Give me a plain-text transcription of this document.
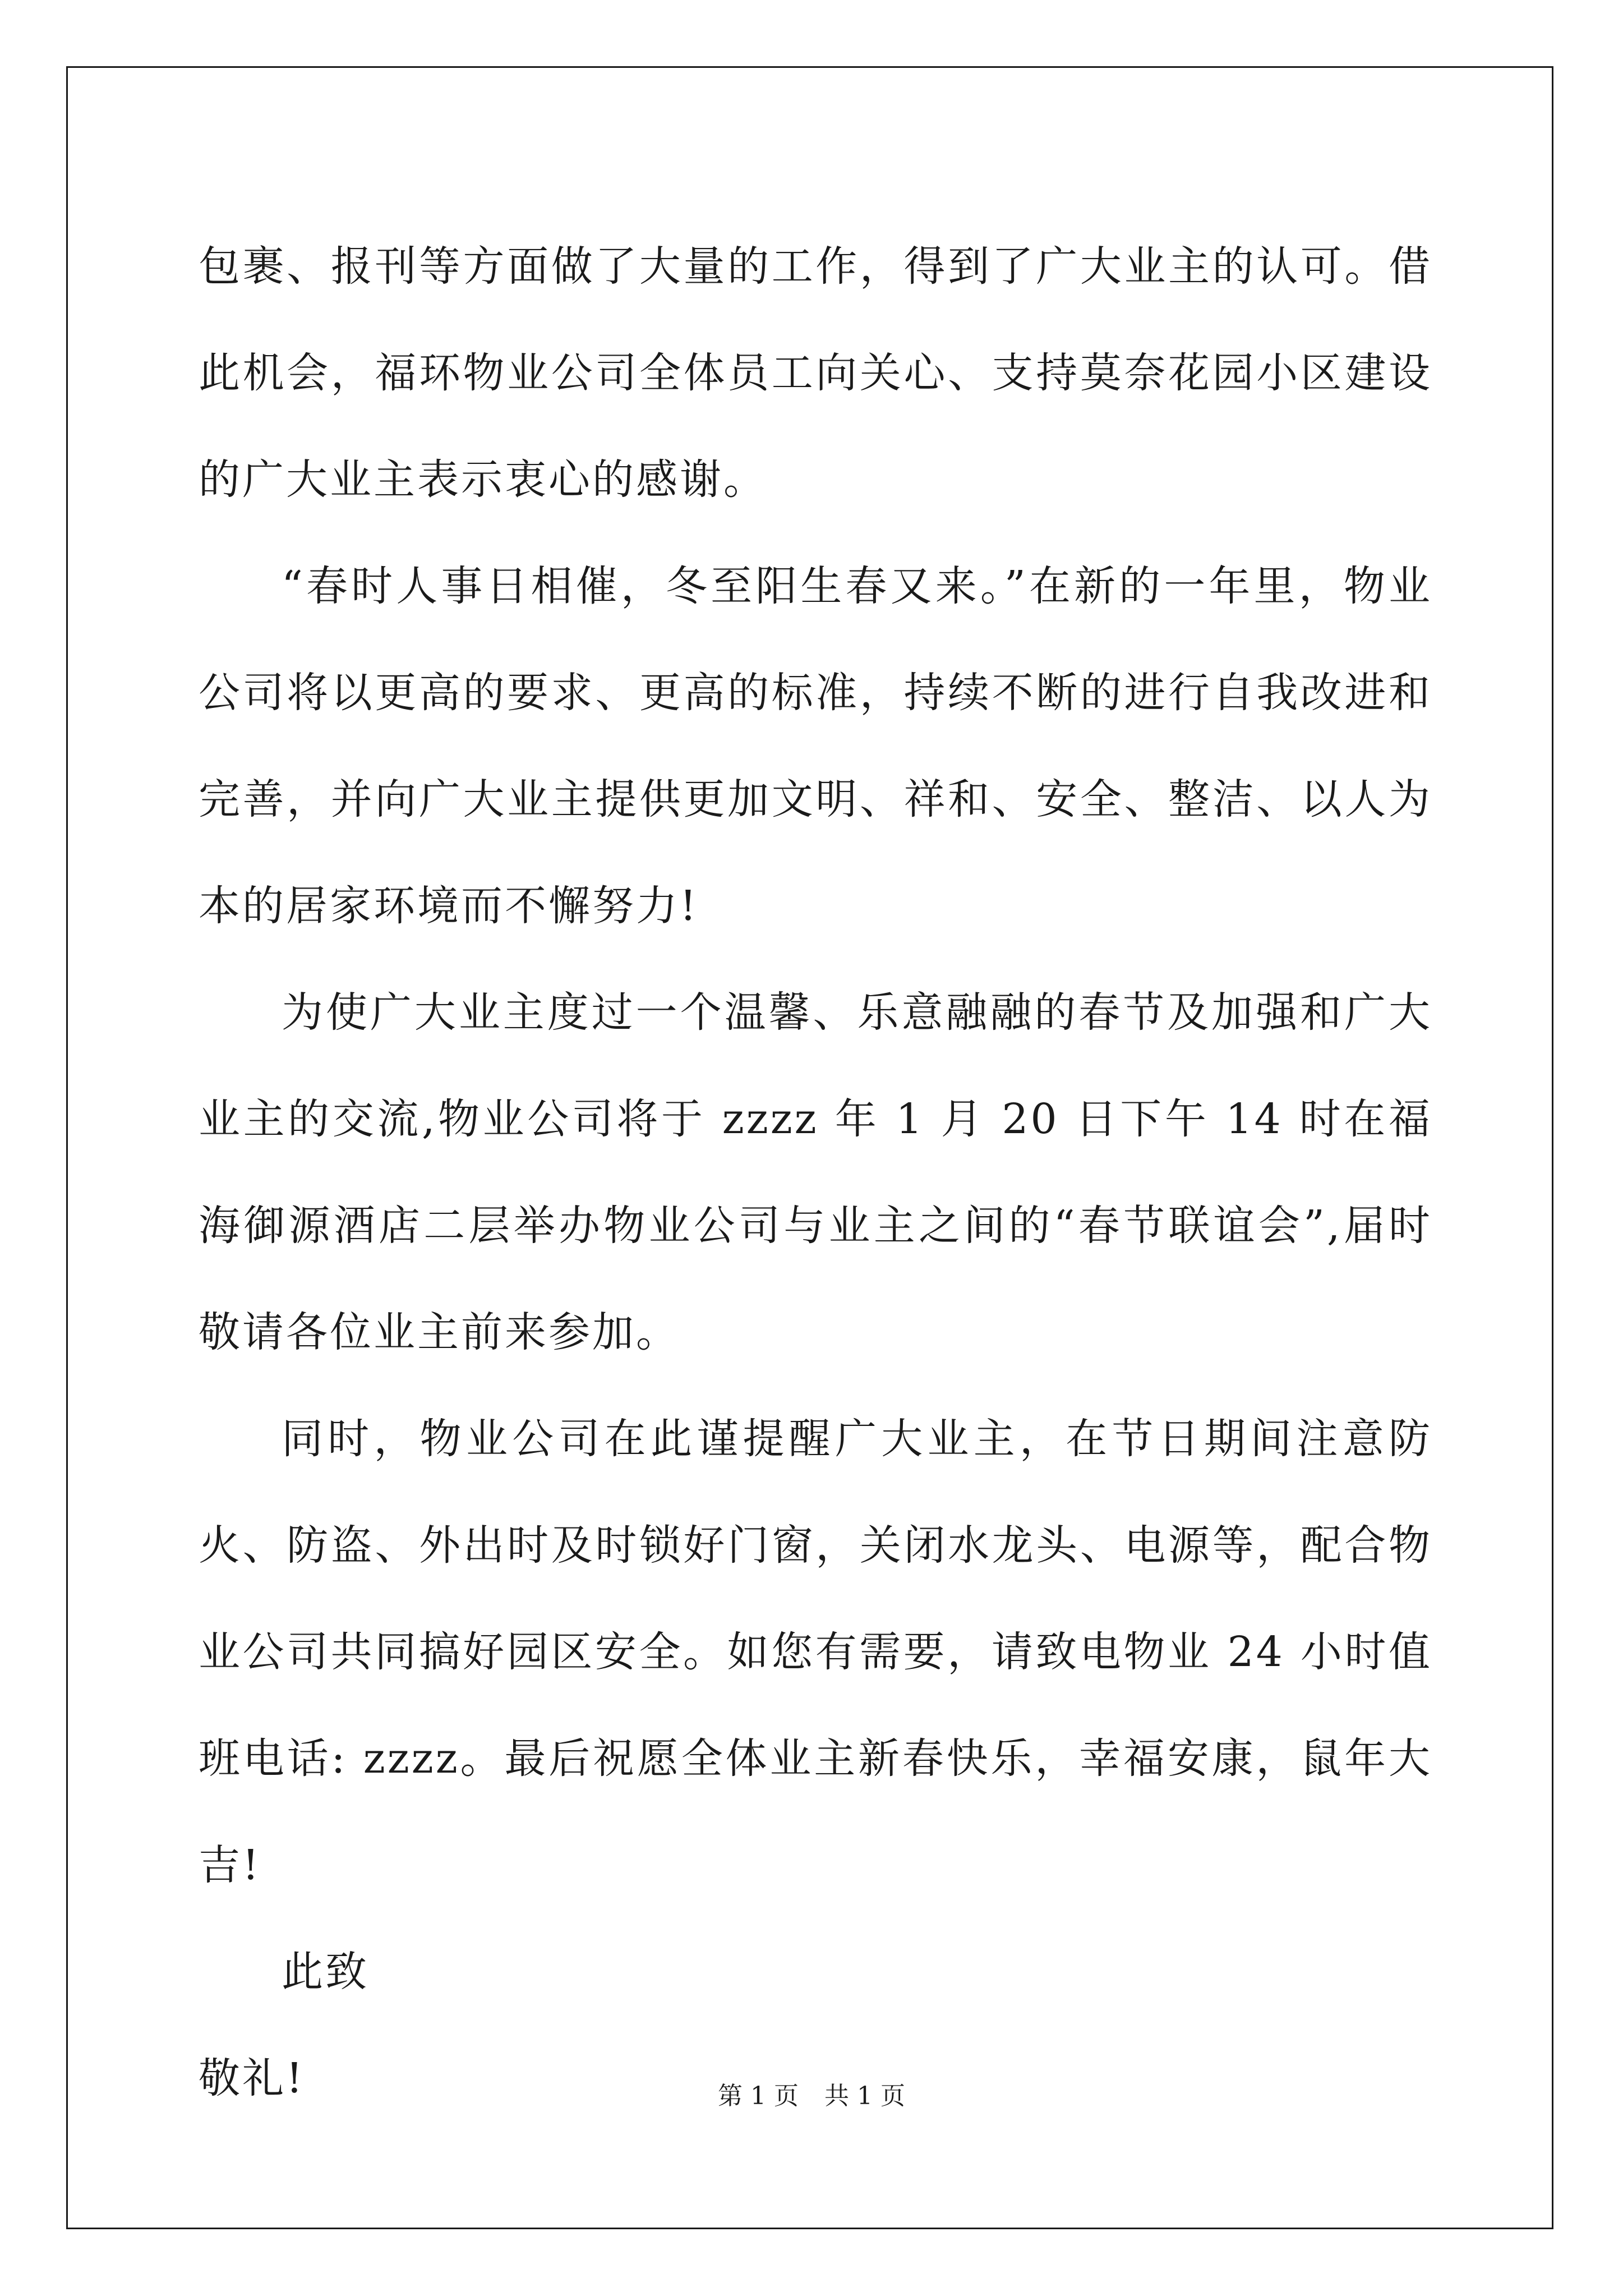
包裹、报刊等方面做了大量的工作，得到了广大业主的认可。借此机会，福环物业公司全体员工向关心、支持莫奈花园小区建设的广大业主表示衷心的感谢。

“春时人事日相催，冬至阳生春又来。”在新的一年里，物业公司将以更高的要求、更高的标准，持续不断的进行自我改进和完善，并向广大业主提供更加文明、祥和、安全、整洁、以人为本的居家环境而不懈努力!

为使广大业主度过一个温馨、乐意融融的春节及加强和广大业主的交流,物业公司将于 zzzz 年 1 月 20 日下午 14 时在福海御源酒店二层举办物业公司与业主之间的“春节联谊会”,届时敬请各位业主前来参加。

同时，物业公司在此谨提醒广大业主，在节日期间注意防火、防盗、外出时及时锁好门窗，关闭水龙头、电源等，配合物业公司共同搞好园区安全。如您有需要，请致电物业 24 小时值班电话: zzzz。最后祝愿全体业主新春快乐，幸福安康，鼠年大吉!

此致

敬礼!	第 1 页 共 1 页
